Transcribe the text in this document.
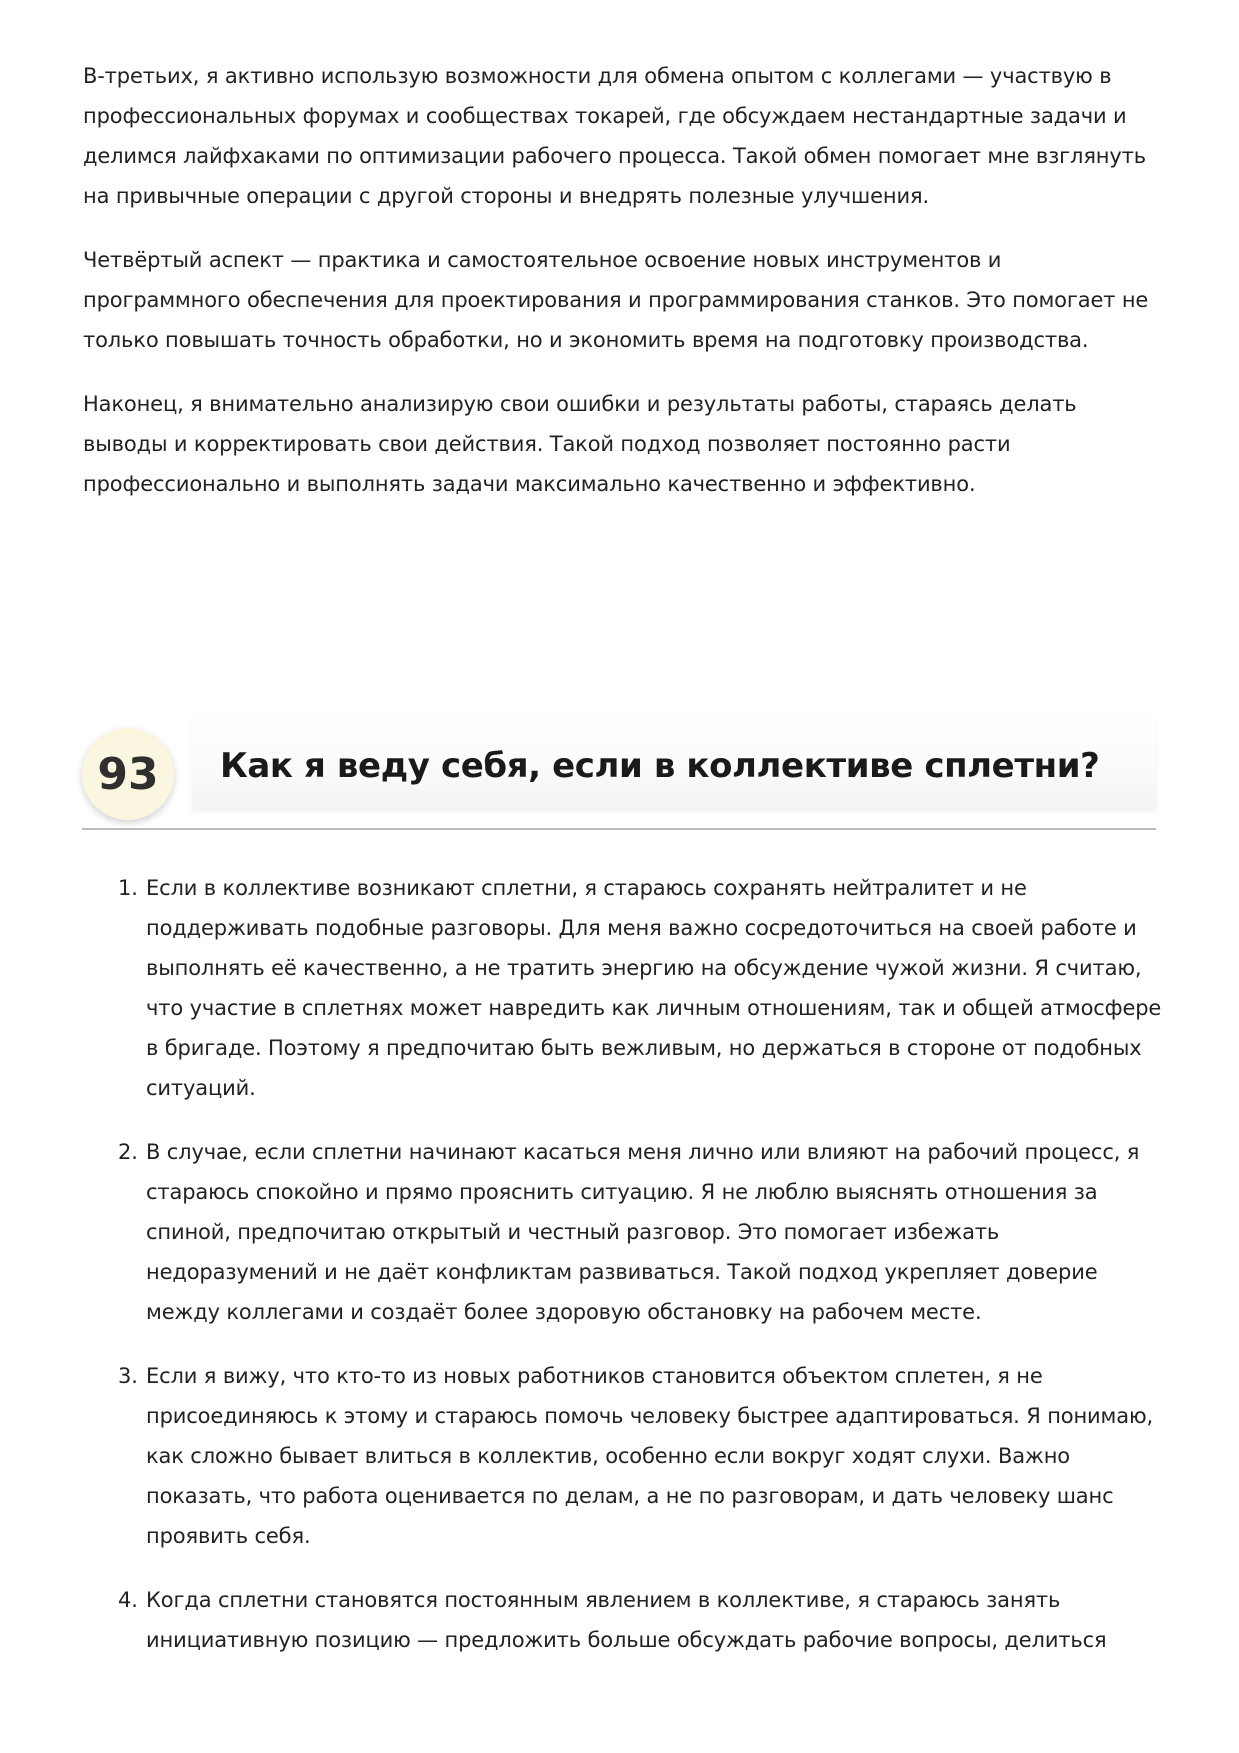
В-третьих, я активно использую возможности для обмена опытом с коллегами — участвую в профессиональных форумах и сообществах токарей, где обсуждаем нестандартные задачи и делимся лайфхаками по оптимизации рабочего процесса. Такой обмен помогает мне взглянуть на привычные операции с другой стороны и внедрять полезные улучшения.

Четвёртый аспект — практика и самостоятельное освоение новых инструментов и программного обеспечения для проектирования и программирования станков. Это помогает не только повышать точность обработки, но и экономить время на подготовку производства.

Наконец, я внимательно анализирую свои ошибки и результаты работы, стараясь делать выводы и корректировать свои действия. Такой подход позволяет постоянно расти профессионально и выполнять задачи максимально качественно и эффективно.

93	Как я веду себя, если в коллективе сплетни?
1. Если в коллективе возникают сплетни, я стараюсь сохранять нейтралитет и не поддерживать подобные разговоры. Для меня важно сосредоточиться на своей работе и выполнять её качественно, а не тратить энергию на обсуждение чужой жизни. Я считаю, что участие в сплетнях может навредить как личным отношениям, так и общей атмосфере в бригаде. Поэтому я предпочитаю быть вежливым, но держаться в стороне от подобных ситуаций.
2. В случае, если сплетни начинают касаться меня лично или влияют на рабочий процесс, я стараюсь спокойно и прямо прояснить ситуацию. Я не люблю выяснять отношения за спиной, предпочитаю открытый и честный разговор. Это помогает избежать недоразумений и не даёт конфликтам развиваться. Такой подход укрепляет доверие между коллегами и создаёт более здоровую обстановку на рабочем месте.
3. Если я вижу, что кто-то из новых работников становится объектом сплетен, я не присоединяюсь к этому и стараюсь помочь человеку быстрее адаптироваться. Я понимаю, как сложно бывает влиться в коллектив, особенно если вокруг ходят слухи. Важно показать, что работа оценивается по делам, а не по разговорам, и дать человеку шанс проявить себя.
4. Когда сплетни становятся постоянным явлением в коллективе, я стараюсь занять инициативную позицию — предложить больше обсуждать рабочие вопросы, делиться
